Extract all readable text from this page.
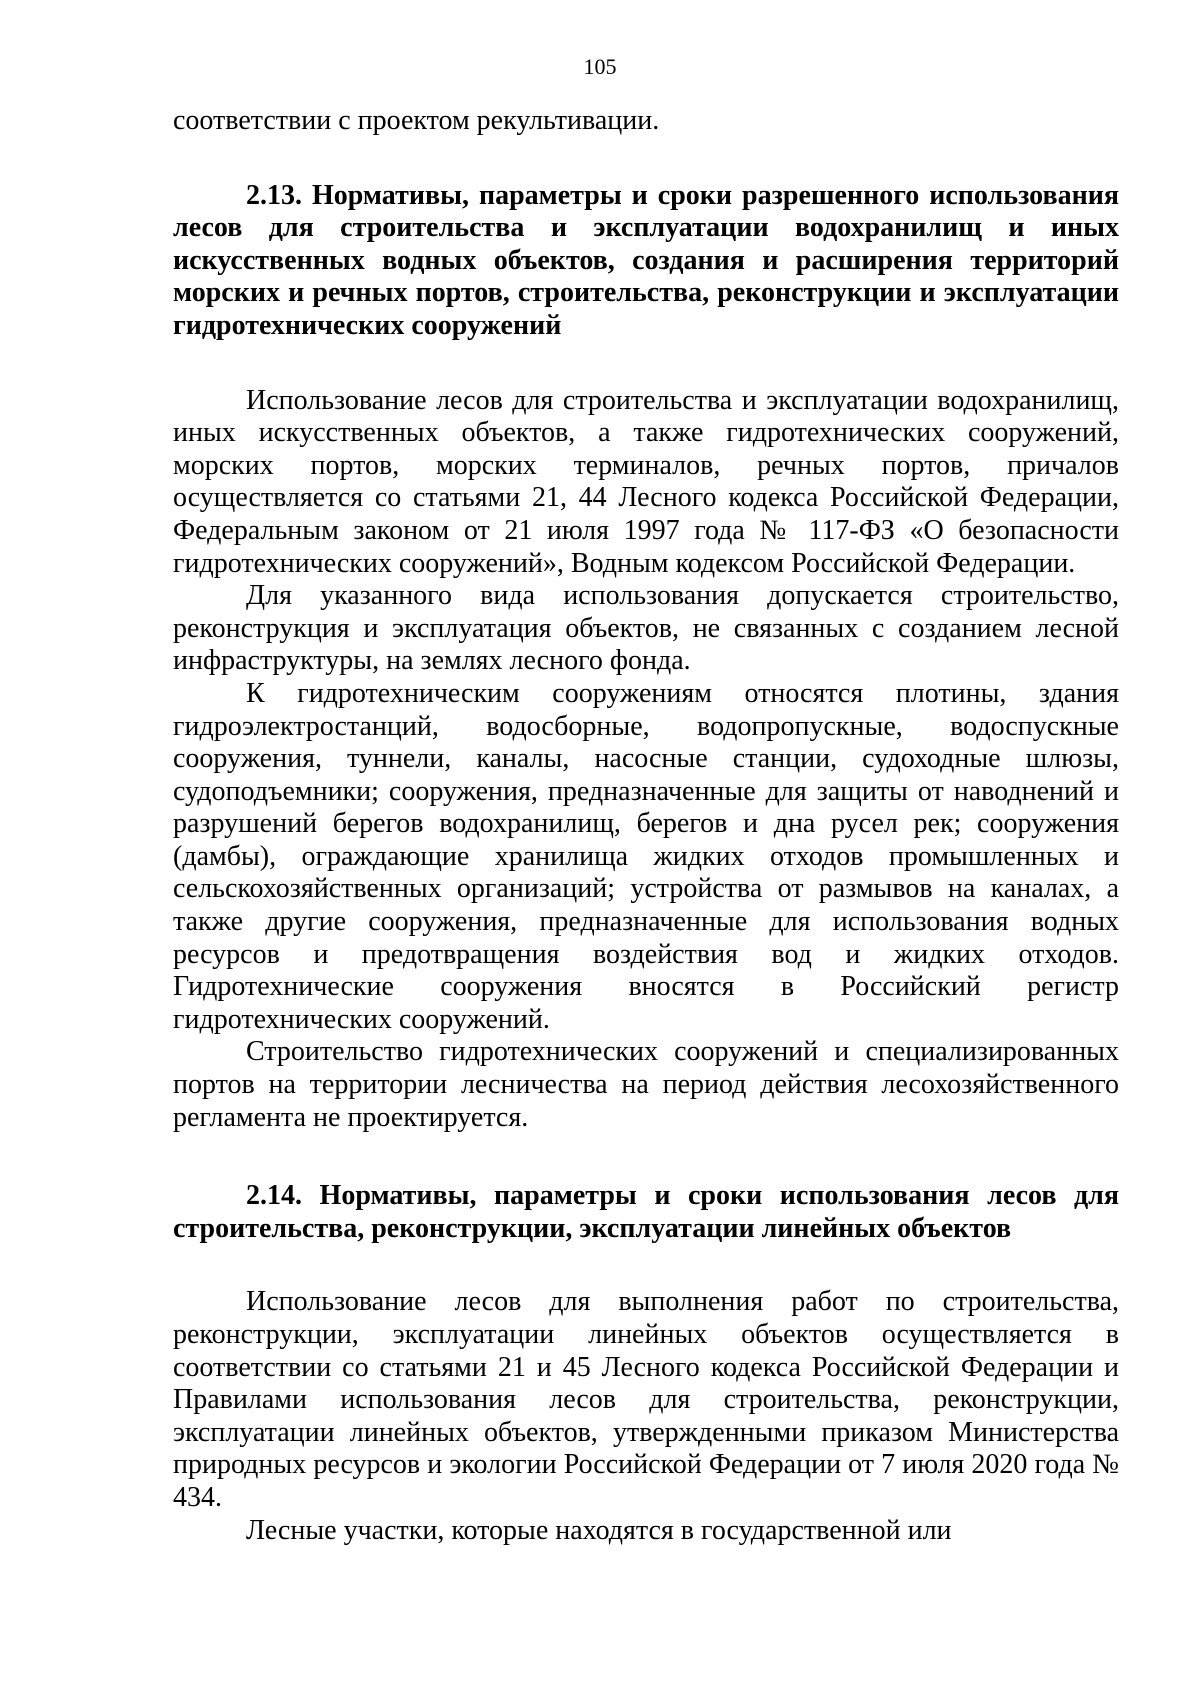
105

соответствии с проектом рекультивации.

2.13. Нормативы, параметры и сроки разрешенного использования лесов для строительства и эксплуатации водохранилищ и иных искусственных водных объектов, создания и расширения территорий морских и речных портов, строительства, реконструкции и эксплуатации гидротехнических сооружений

Использование лесов для строительства и эксплуатации водохранилищ, иных искусственных объектов, а также гидротехнических сооружений, морских портов, морских терминалов, речных портов, причалов осуществляется со статьями 21, 44 Лесного кодекса Российской Федерации, Федеральным законом от 21 июля 1997 года № 117-ФЗ «О безопасности гидротехнических сооружений», Водным кодексом Российской Федерации.

Для указанного вида использования допускается строительство, реконструкция и эксплуатация объектов, не связанных с созданием лесной инфраструктуры, на землях лесного фонда.

К гидротехническим сооружениям относятся плотины, здания гидроэлектростанций, водосборные, водопропускные, водоспускные сооружения, туннели, каналы, насосные станции, судоходные шлюзы, судоподъемники; сооружения, предназначенные для защиты от наводнений и разрушений берегов водохранилищ, берегов и дна русел рек; сооружения (дамбы), ограждающие хранилища жидких отходов промышленных и сельскохозяйственных организаций; устройства от размывов на каналах, а также другие сооружения, предназначенные для использования водных ресурсов и предотвращения воздействия вод и жидких отходов. Гидротехнические сооружения вносятся в Российский регистр гидротехнических сооружений.

Строительство гидротехнических сооружений и специализированных портов на территории лесничества на период действия лесохозяйственного регламента не проектируется.

2.14. Нормативы, параметры и сроки использования лесов для строительства, реконструкции, эксплуатации линейных объектов

Использование лесов для выполнения работ по строительства, реконструкции, эксплуатации линейных объектов осуществляется в соответствии со статьями 21 и 45 Лесного кодекса Российской Федерации и Правилами использования лесов для строительства, реконструкции, эксплуатации линейных объектов, утвержденными приказом Министерства природных ресурсов и экологии Российской Федерации от 7 июля 2020 года № 434.

Лесные участки, которые находятся в государственной или
